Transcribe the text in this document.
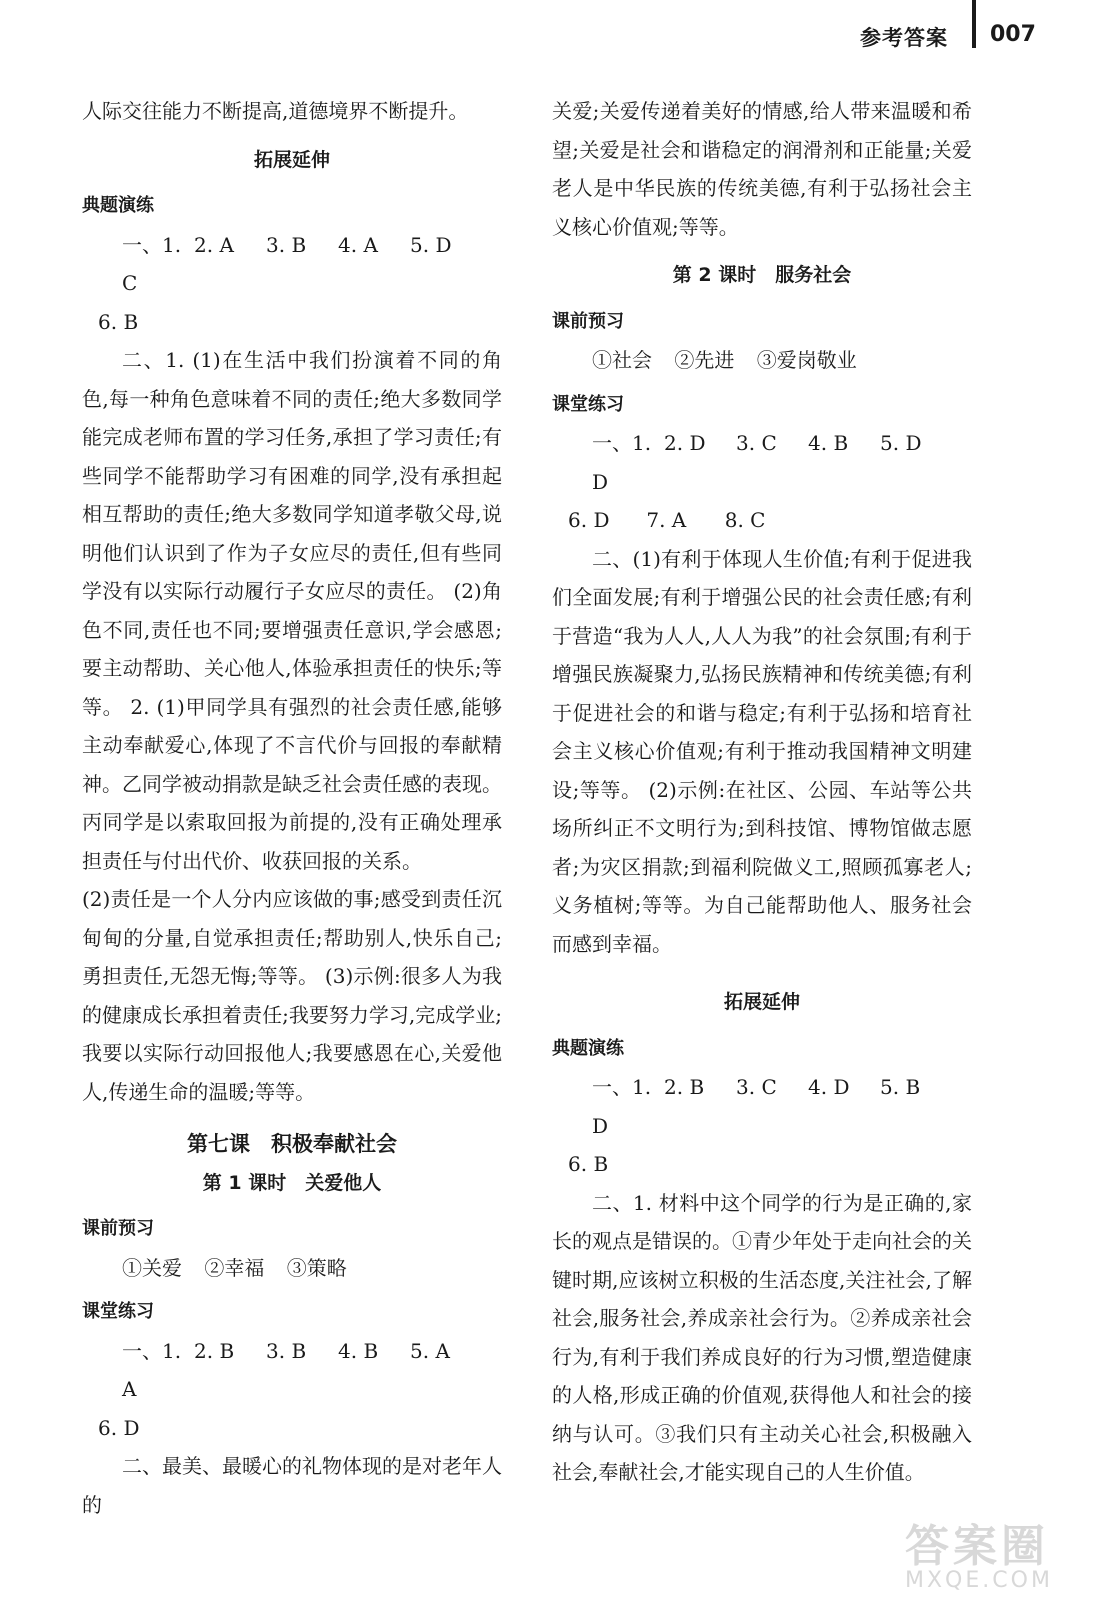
参考答案 007

人际交往能力不断提高,道德境界不断提升。

拓展延伸
典题演练
一、1. C
2. A	3. B	4. A	5. D
6. B

二、1. (1)在生活中我们扮演着不同的角色,每一种角色意味着不同的责任;绝大多数同学能完成老师布置的学习任务,承担了学习责任;有些同学不能帮助学习有困难的同学,没有承担起相互帮助的责任;绝大多数同学知道孝敬父母,说明他们认识到了作为子女应尽的责任,但有些同学没有以实际行动履行子女应尽的责任。 (2)角色不同,责任也不同;要增强责任意识,学会感恩;要主动帮助、关心他人,体验承担责任的快乐;等等。 2. (1)甲同学具有强烈的社会责任感,能够主动奉献爱心,体现了不言代价与回报的奉献精神。乙同学被动捐款是缺乏社会责任感的表现。丙同学是以索取回报为前提的,没有正确处理承担责任与付出代价、收获回报的关系。

(2)责任是一个人分内应该做的事;感受到责任沉甸甸的分量,自觉承担责任;帮助别人,快乐自己;勇担责任,无怨无悔;等等。 (3)示例:很多人为我的健康成长承担着责任;我要努力学习,完成学业;我要以实际行动回报他人;我要感恩在心,关爱他人,传递生命的温暖;等等。

第七课　积极奉献社会
第 1 课时　关爱他人
课前预习
①关爱 ②幸福 ③策略
课堂练习
一、1. A
2. B	3. B	4. B	5. A
6. D

二、最美、最暖心的礼物体现的是对老年人的

关爱;关爱传递着美好的情感,给人带来温暖和希望;关爱是社会和谐稳定的润滑剂和正能量;关爱老人是中华民族的传统美德,有利于弘扬社会主义核心价值观;等等。

第 2 课时　服务社会
课前预习
①社会 ②先进 ③爱岗敬业
课堂练习
一、1. D
2. D	3. C	4. B	5. D
6. D 7. A 8. C

二、(1)有利于体现人生价值;有利于促进我们全面发展;有利于增强公民的社会责任感;有利于营造“我为人人,人人为我”的社会氛围;有利于增强民族凝聚力,弘扬民族精神和传统美德;有利于促进社会的和谐与稳定;有利于弘扬和培育社会主义核心价值观;有利于推动我国精神文明建设;等等。 (2)示例:在社区、公园、车站等公共场所纠正不文明行为;到科技馆、博物馆做志愿者;为灾区捐款;到福利院做义工,照顾孤寡老人;义务植树;等等。为自己能帮助他人、服务社会而感到幸福。

拓展延伸
典题演练
一、1. D
2. B	3. C	4. D	5. B
6. B

二、1. 材料中这个同学的行为是正确的,家长的观点是错误的。①青少年处于走向社会的关键时期,应该树立积极的生活态度,关注社会,了解社会,服务社会,养成亲社会行为。②养成亲社会行为,有利于我们养成良好的行为习惯,塑造健康的人格,形成正确的价值观,获得他人和社会的接纳与认可。③我们只有主动关心社会,积极融入社会,奉献社会,才能实现自己的人生价值。

答案圈
MXQE.COM
